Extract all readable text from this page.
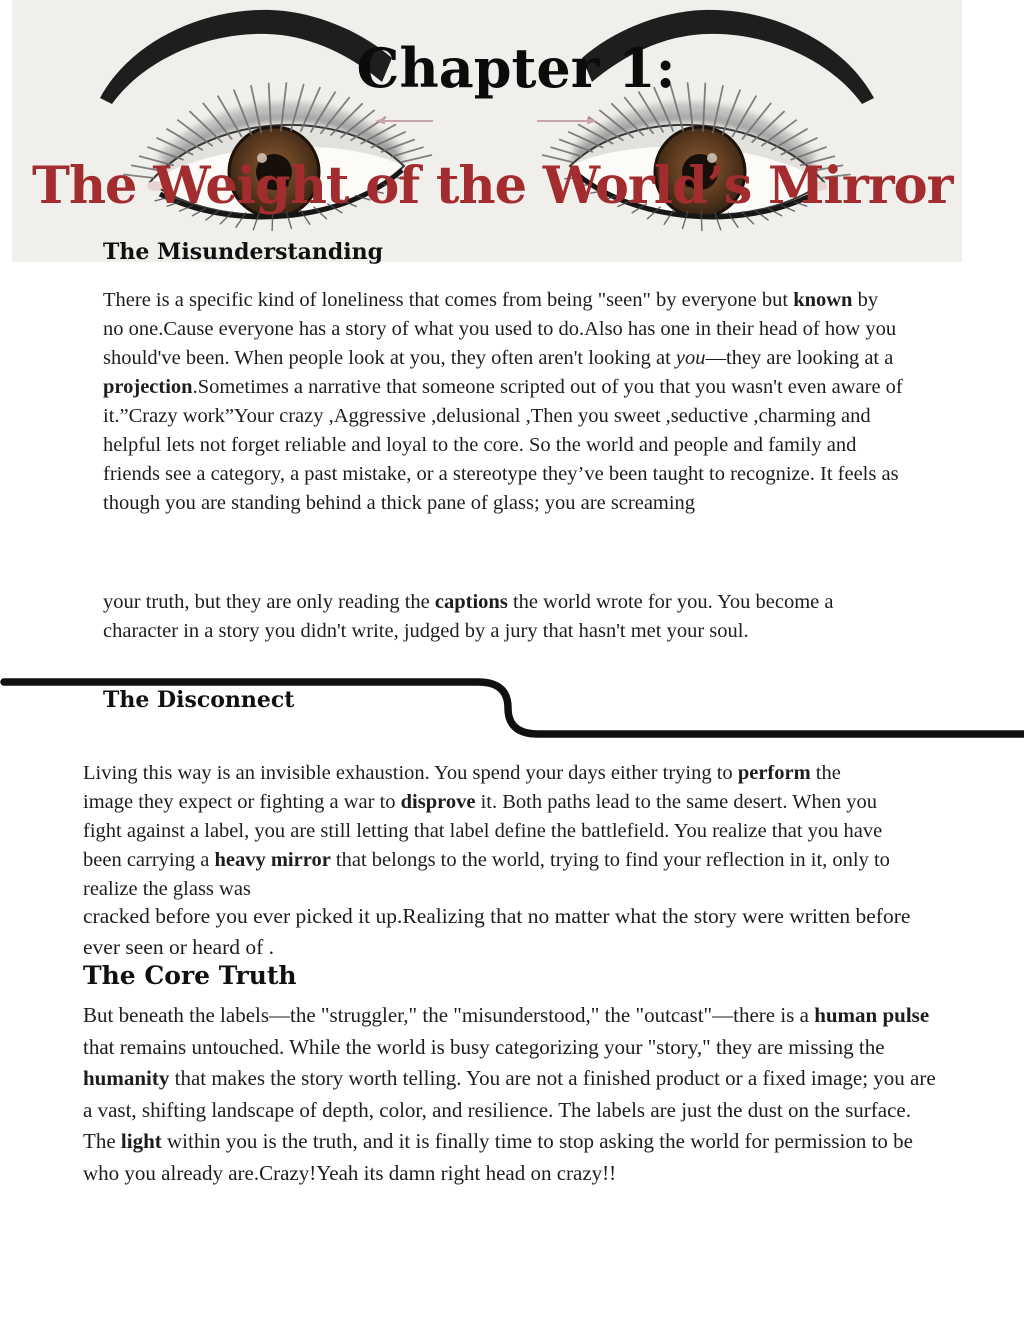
Chapter 1:
The Weight of the World’s Mirror
The Misunderstanding
There is a specific kind of loneliness that comes from being "seen" by everyone but known by no one.Cause everyone has a story of what you used to do.Also has one in their head of how you should've been. When people look at you, they often aren't looking at you—they are looking at a projection.Sometimes a narrative that someone scripted out of you that you wasn't even aware of it.”Crazy work”Your crazy ,Aggressive ,delusional ,Then you sweet ,seductive ,charming and helpful lets not forget reliable and loyal to the core. So the world and people and family and friends see a category, a past mistake, or a stereotype they’ve been taught to recognize. It feels as though you are standing behind a thick pane of glass; you are screaming
your truth, but they are only reading the captions the world wrote for you. You become a character in a story you didn't write, judged by a jury that hasn't met your soul.
The Disconnect
Living this way is an invisible exhaustion. You spend your days either trying to perform the image they expect or fighting a war to disprove it. Both paths lead to the same desert. When you fight against a label, you are still letting that label define the battlefield. You realize that you have been carrying a heavy mirror that belongs to the world, trying to find your reflection in it, only to realize the glass was
cracked before you ever picked it up.Realizing that no matter what the story were written before ever seen or heard of .
The Core Truth
But beneath the labels—the "struggler," the "misunderstood," the "outcast"—there is a human pulse that remains untouched. While the world is busy categorizing your "story," they are missing the humanity that makes the story worth telling. You are not a finished product or a fixed image; you are a vast, shifting landscape of depth, color, and resilience. The labels are just the dust on the surface. The light within you is the truth, and it is finally time to stop asking the world for permission to be who you already are.Crazy!Yeah its damn right head on crazy!!
